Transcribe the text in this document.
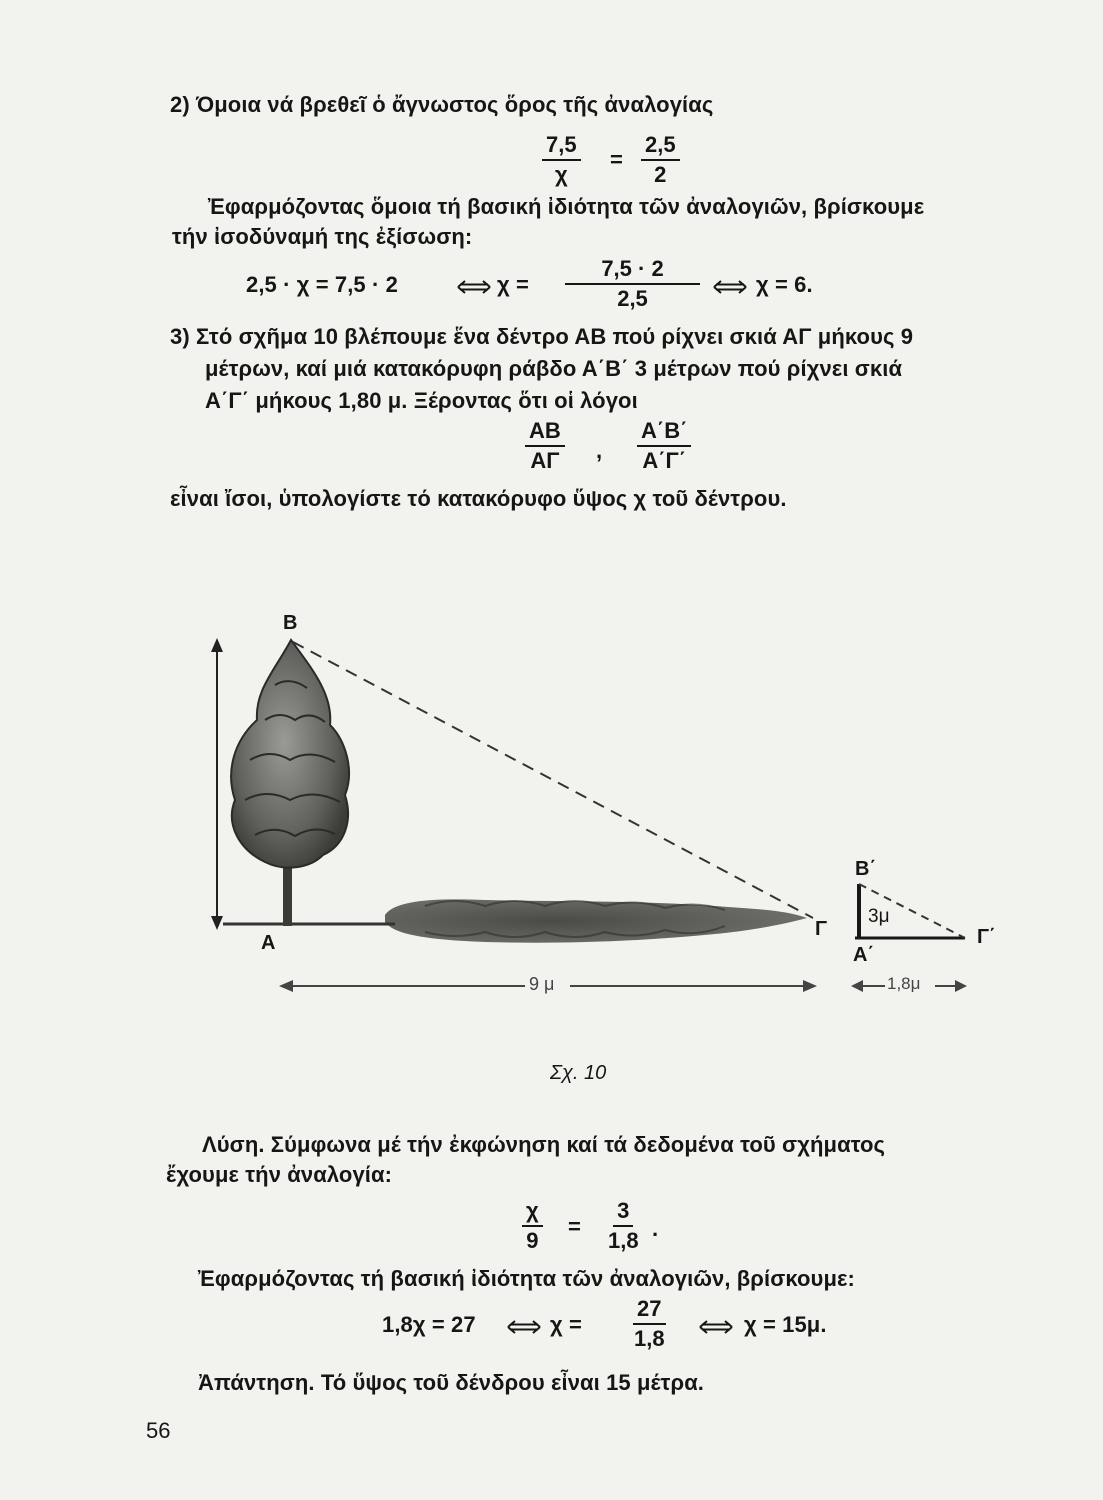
2) Όμοια νά βρεθεῖ ὁ ἄγνωστος ὅρος τῆς ἀναλογίας
$\frac{7,5}{\chi} = \frac{2,5}{2}$
Ἐφαρμόζοντας ὅμοια τή βασική ἰδιότητα τῶν ἀναλογιῶν, βρίσκουμε
τήν ἰσοδύναμή της ἐξίσωση:
2,5 · χ = 7,5 · 2	$\chi = \frac{7,5 \cdot 2}{2,5}$	χ = 6.
3) Στό σχῆμα 10 βλέπουμε ἕνα δέντρο ΑΒ πού ρίχνει σκιά ΑΓ μήκους 9
μέτρων, καί μιά κατακόρυφη ράβδο Α΄Β΄ 3 μέτρων πού ρίχνει σκιά
Α΄Γ΄ μήκους 1,80 μ. Ξέροντας ὅτι οἱ λόγοι
$\frac{AB}{A\Gamma}$ , $\frac{A΄B΄}{A΄\Gamma΄}$
εἶναι ἴσοι, ὑπολογίστε τό κατακόρυφο ὕψος χ τοῦ δέντρου.
B
A
Γ
B΄
A΄
Γ΄
3μ
9 μ	1,8μ
Σχ. 10
Λύση. Σύμφωνα μέ τήν ἐκφώνηση καί τά δεδομένα τοῦ σχήματος
ἔχουμε τήν ἀναλογία:
$\frac{\chi}{9} = \frac{3}{1,8}$ ·
Ἐφαρμόζοντας τή βασική ἰδιότητα τῶν ἀναλογιῶν, βρίσκουμε:
1,8χ = 27	$\chi = \frac{27}{1,8}$	χ = 15μ.
Ἀπάντηση. Τό ὕψος τοῦ δένδρου εἶναι 15 μέτρα.
56
